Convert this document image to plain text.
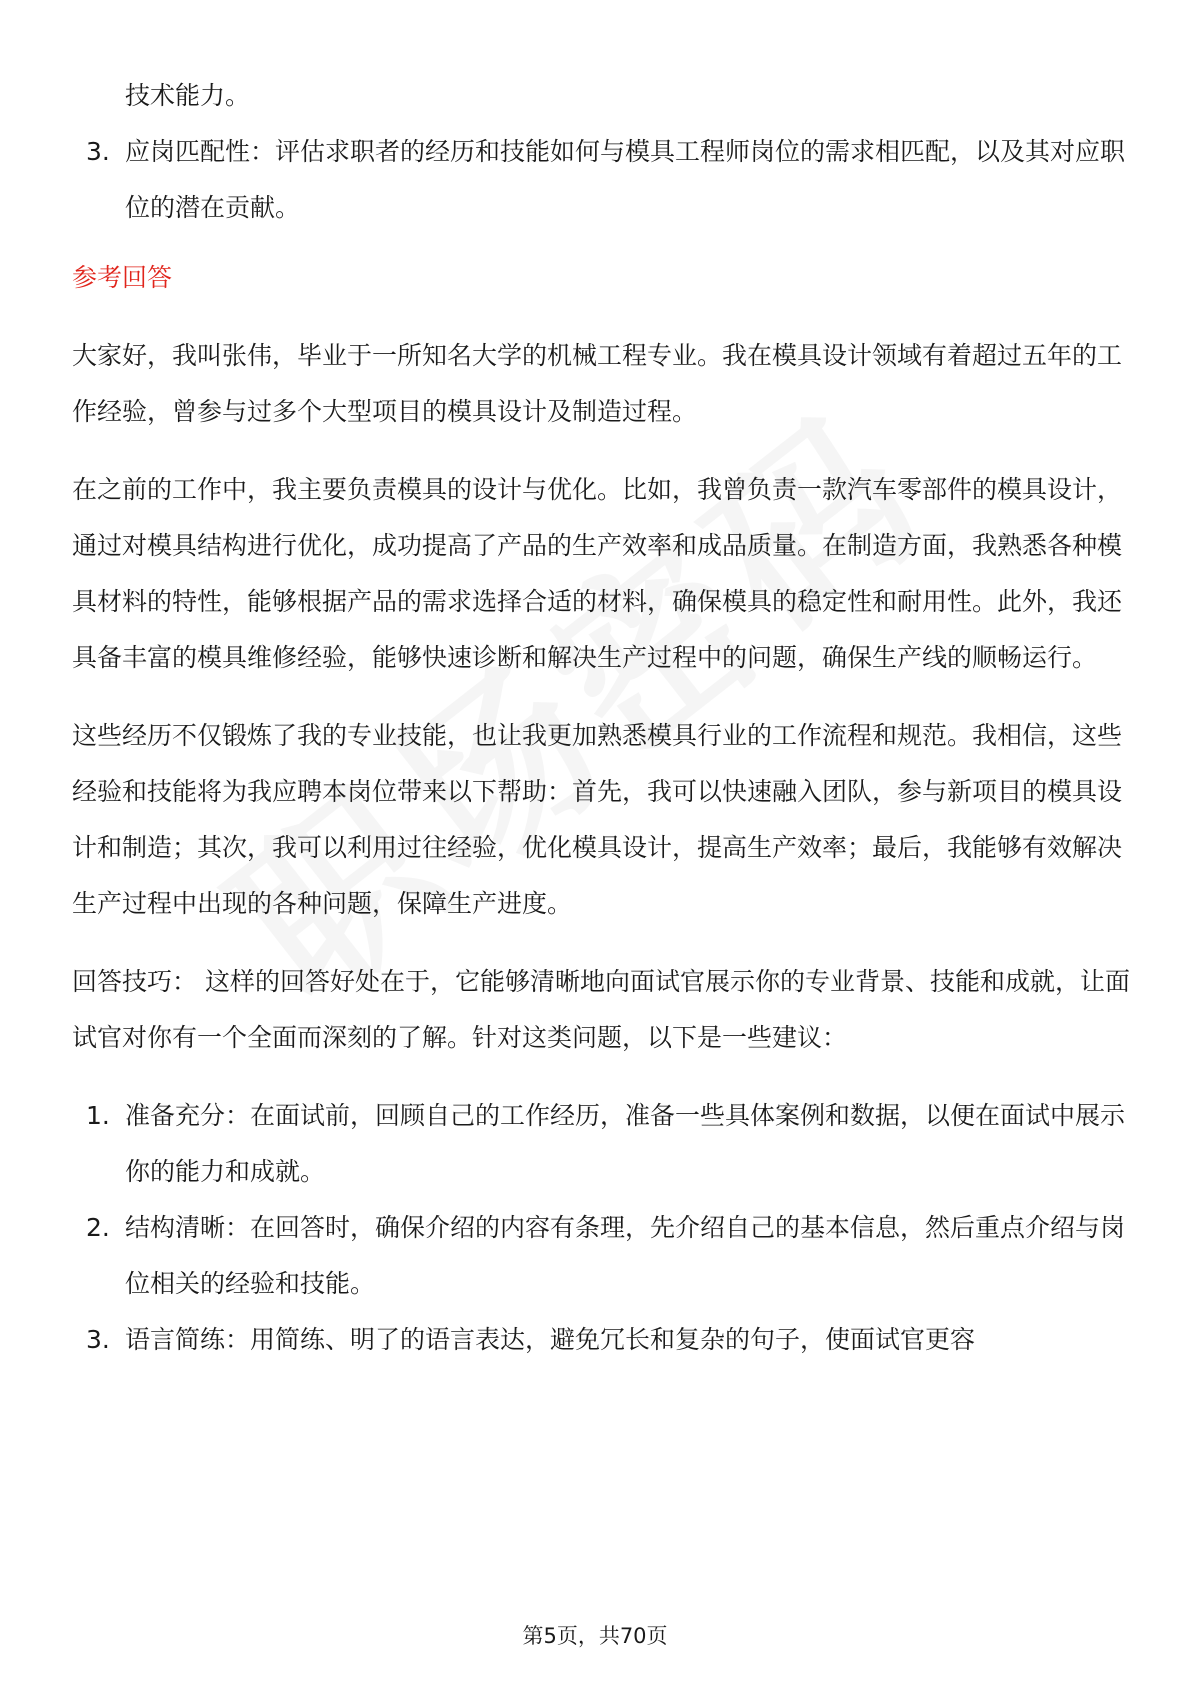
技术能力。
3. 应岗匹配性：评估求职者的经历和技能如何与模具工程师岗位的需求相匹配，以及其对应职位的潜在贡献。
参考回答
大家好，我叫张伟，毕业于一所知名大学的机械工程专业。我在模具设计领域有着超过五年的工作经验，曾参与过多个大型项目的模具设计及制造过程。
在之前的工作中，我主要负责模具的设计与优化。比如，我曾负责一款汽车零部件的模具设计，通过对模具结构进行优化，成功提高了产品的生产效率和成品质量。在制造方面，我熟悉各种模具材料的特性，能够根据产品的需求选择合适的材料，确保模具的稳定性和耐用性。此外，我还具备丰富的模具维修经验，能够快速诊断和解决生产过程中的问题，确保生产线的顺畅运行。
这些经历不仅锻炼了我的专业技能，也让我更加熟悉模具行业的工作流程和规范。我相信，这些经验和技能将为我应聘本岗位带来以下帮助：首先，我可以快速融入团队，参与新项目的模具设计和制造；其次，我可以利用过往经验，优化模具设计，提高生产效率；最后，我能够有效解决生产过程中出现的各种问题，保障生产进度。
回答技巧： 这样的回答好处在于，它能够清晰地向面试官展示你的专业背景、技能和成就，让面试官对你有一个全面而深刻的了解。针对这类问题，以下是一些建议：
1. 准备充分：在面试前，回顾自己的工作经历，准备一些具体案例和数据，以便在面试中展示你的能力和成就。
2. 结构清晰：在回答时，确保介绍的内容有条理，先介绍自己的基本信息，然后重点介绍与岗位相关的经验和技能。
3. 语言简练：用简练、明了的语言表达，避免冗长和复杂的句子，使面试官更容
第5页，共70页
